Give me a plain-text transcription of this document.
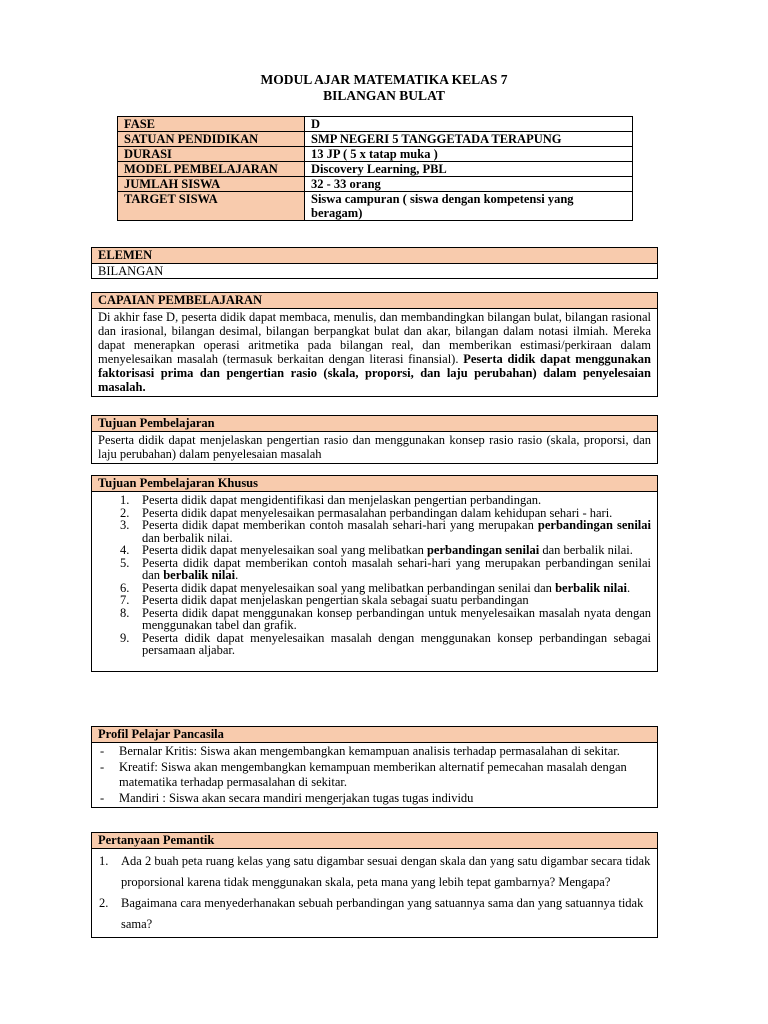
MODUL AJAR MATEMATIKA KELAS 7
BILANGAN BULAT
FASE	D
SATUAN PENDIDIKAN	SMP NEGERI 5 TANGGETADA TERAPUNG
DURASI	13 JP ( 5 x tatap muka )
MODEL PEMBELAJARAN	Discovery Learning, PBL
JUMLAH SISWA	32 - 33 orang
TARGET SISWA	Siswa campuran ( siswa dengan kompetensi yang beragam)
ELEMEN
BILANGAN
CAPAIAN PEMBELAJARAN
Di akhir fase D, peserta didik dapat membaca, menulis, dan membandingkan bilangan bulat, bilangan rasional dan irasional, bilangan desimal, bilangan berpangkat bulat dan akar, bilangan dalam notasi ilmiah. Mereka dapat menerapkan operasi aritmetika pada bilangan real, dan memberikan estimasi/perkiraan dalam menyelesaikan masalah (termasuk berkaitan dengan literasi finansial). Peserta didik dapat menggunakan faktorisasi prima dan pengertian rasio (skala, proporsi, dan laju perubahan) dalam penyelesaian masalah.
Tujuan Pembelajaran
Peserta didik dapat menjelaskan pengertian rasio dan menggunakan konsep rasio rasio (skala, proporsi, dan laju perubahan) dalam penyelesaian masalah
Tujuan Pembelajaran Khusus
1. Peserta didik dapat mengidentifikasi dan menjelaskan pengertian perbandingan.
2. Peserta didik dapat menyelesaikan permasalahan perbandingan dalam kehidupan sehari - hari.
3. Peserta didik dapat memberikan contoh masalah sehari-hari yang merupakan perbandingan senilai dan berbalik nilai.
4. Peserta didik dapat menyelesaikan soal yang melibatkan perbandingan senilai dan berbalik nilai.
5. Peserta didik dapat memberikan contoh masalah sehari-hari yang merupakan perbandingan senilai dan berbalik nilai.
6. Peserta didik dapat menyelesaikan soal yang melibatkan perbandingan senilai dan berbalik nilai.
7. Peserta didik dapat menjelaskan pengertian skala sebagai suatu perbandingan
8. Peserta didik dapat menggunakan konsep perbandingan untuk menyelesaikan masalah nyata dengan menggunakan tabel dan grafik.
9. Peserta didik dapat menyelesaikan masalah dengan menggunakan konsep perbandingan sebagai persamaan aljabar.
Profil Pelajar Pancasila
- Bernalar Kritis: Siswa akan mengembangkan kemampuan analisis terhadap permasalahan di sekitar.
- Kreatif: Siswa akan mengembangkan kemampuan memberikan alternatif pemecahan masalah dengan matematika terhadap permasalahan di sekitar.
- Mandiri : Siswa akan secara mandiri mengerjakan tugas tugas individu
Pertanyaan Pemantik
1. Ada 2 buah peta ruang kelas yang satu digambar sesuai dengan skala dan yang satu digambar secara tidak proporsional karena tidak menggunakan skala, peta mana yang lebih tepat gambarnya? Mengapa?
2. Bagaimana cara menyederhanakan sebuah perbandingan yang satuannya sama dan yang satuannya tidak sama?
